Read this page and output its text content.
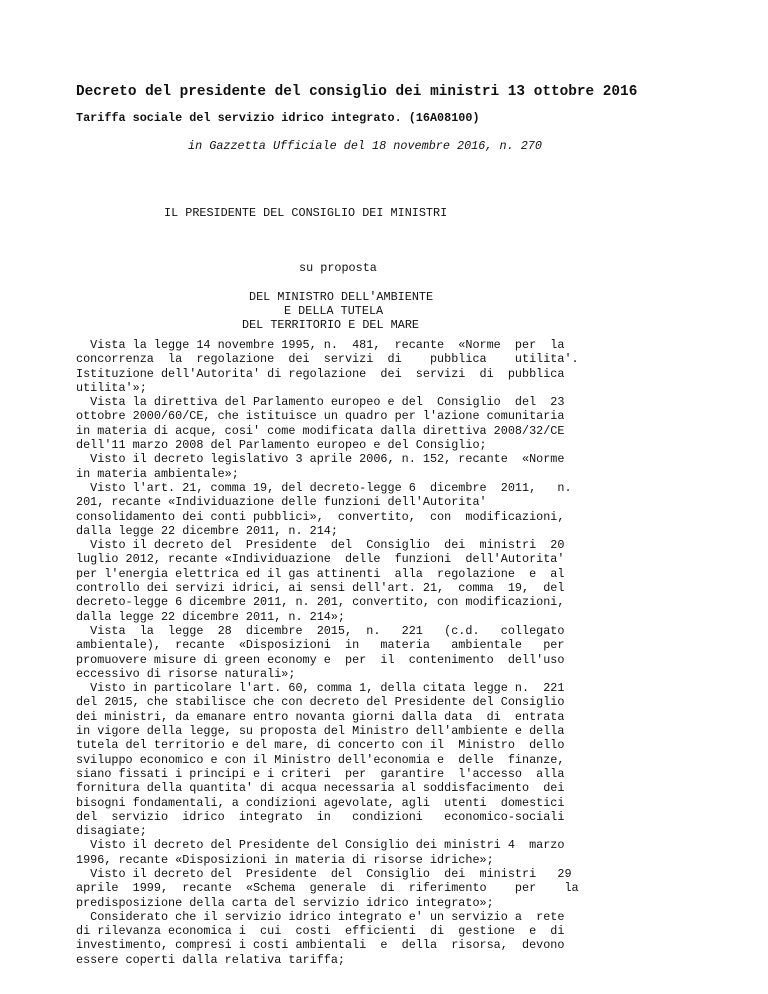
Decreto del presidente del consiglio dei ministri 13 ottobre 2016

Tariffa sociale del servizio idrico integrato. (16A08100)

in Gazzetta Ufficiale del 18 novembre 2016, n. 270

IL PRESIDENTE DEL CONSIGLIO DEI MINISTRI

su proposta

DEL MINISTRO DELL'AMBIENTE

E DELLA TUTELA

DEL TERRITORIO E DEL MARE

Vista la legge 14 novembre 1995, n.  481,  recante  «Norme  per  la
concorrenza  la  regolazione  dei  servizi  di    pubblica    utilita'.
Istituzione dell'Autorita' di regolazione  dei  servizi  di  pubblica
utilita'»;
Vista la direttiva del Parlamento europeo e del  Consiglio  del  23
ottobre 2000/60/CE, che istituisce un quadro per l'azione comunitaria
in materia di acque, cosi' come modificata dalla direttiva 2008/32/CE
dell'11 marzo 2008 del Parlamento europeo e del Consiglio;
Visto il decreto legislativo 3 aprile 2006, n. 152, recante  «Norme
in materia ambientale»;
Visto l'art. 21, comma 19, del decreto-legge 6  dicembre  2011,   n.
201, recante «Individuazione delle funzioni dell'Autorita'
consolidamento dei conti pubblici»,  convertito,  con  modificazioni,
dalla legge 22 dicembre 2011, n. 214;
Visto il decreto del  Presidente  del  Consiglio  dei  ministri  20
luglio 2012, recante «Individuazione  delle  funzioni  dell'Autorita'
per l'energia elettrica ed il gas attinenti  alla  regolazione  e  al
controllo dei servizi idrici, ai sensi dell'art. 21,  comma  19,  del
decreto-legge 6 dicembre 2011, n. 201, convertito, con modificazioni,
dalla legge 22 dicembre 2011, n. 214»;
Vista  la  legge  28  dicembre  2015,  n.   221   (c.d.   collegato
ambientale),  recante  «Disposizioni  in   materia   ambientale   per
promuovere misure di green economy e  per  il  contenimento  dell'uso
eccessivo di risorse naturali»;
Visto in particolare l'art. 60, comma 1, della citata legge n.  221
del 2015, che stabilisce che con decreto del Presidente del Consiglio
dei ministri, da emanare entro novanta giorni dalla data  di  entrata
in vigore della legge, su proposta del Ministro dell'ambiente e della
tutela del territorio e del mare, di concerto con il  Ministro  dello
sviluppo economico e con il Ministro dell'economia e  delle  finanze,
siano fissati i principi e i criteri  per  garantire  l'accesso  alla
fornitura della quantita' di acqua necessaria al soddisfacimento  dei
bisogni fondamentali, a condizioni agevolate, agli  utenti  domestici
del  servizio  idrico  integrato  in   condizioni   economico-sociali
disagiate;
Visto il decreto del Presidente del Consiglio dei ministri 4  marzo
1996, recante «Disposizioni in materia di risorse idriche»;
Visto il decreto del  Presidente  del  Consiglio  dei  ministri   29
aprile  1999,  recante  «Schema  generale  di  riferimento    per    la
predisposizione della carta del servizio idrico integrato»;
Considerato che il servizio idrico integrato e' un servizio a  rete
di rilevanza economica i  cui  costi  efficienti  di  gestione  e  di
investimento, compresi i costi ambientali  e  della  risorsa,  devono
essere coperti dalla relativa tariffa;
